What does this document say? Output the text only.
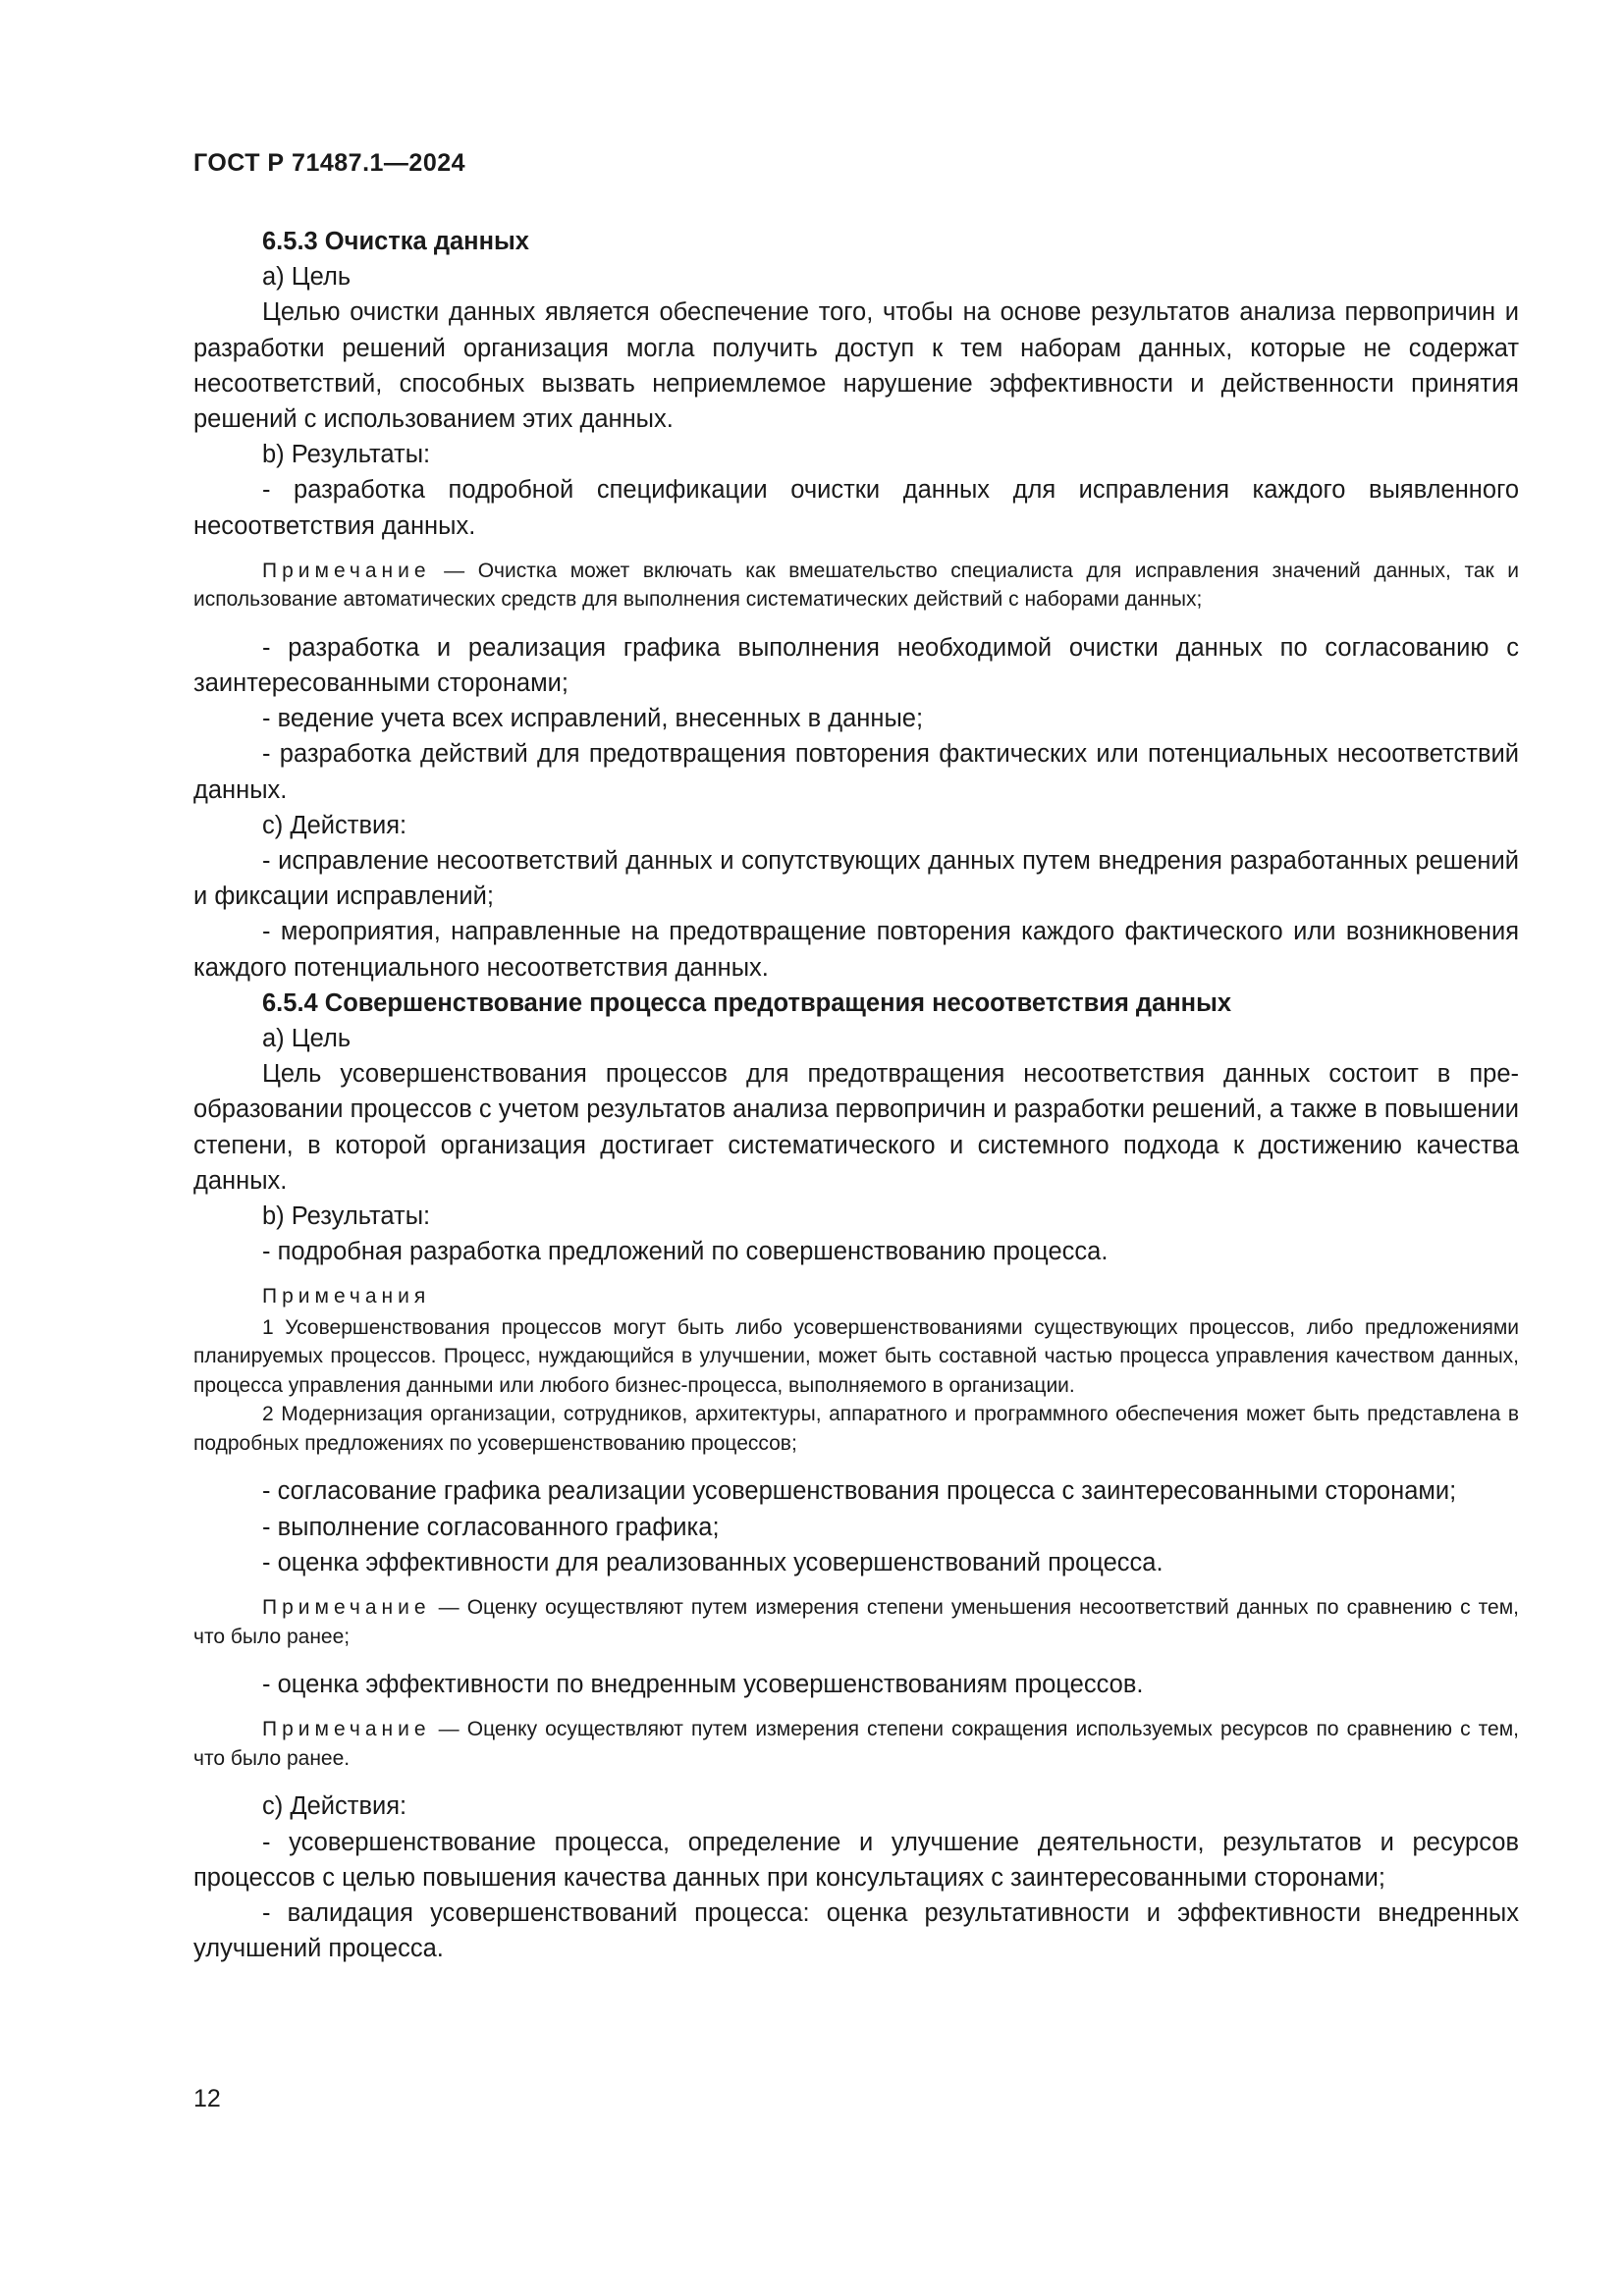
ГОСТ Р 71487.1—2024

6.5.3 Очистка данных

a) Цель

Целью очистки данных является обеспечение того, чтобы на основе результатов анализа первопричин и разработки решений организация могла получить доступ к тем наборам данных, которые не содержат несоответствий, способных вызвать неприемлемое нарушение эффективности и действенности принятия решений с использованием этих данных.

b) Результаты:

- разработка подробной спецификации очистки данных для исправления каждого выявленного несоответствия данных.

Примечание — Очистка может включать как вмешательство специалиста для исправления значений данных, так и использование автоматических средств для выполнения систематических действий с наборами данных;

- разработка и реализация графика выполнения необходимой очистки данных по согласованию с заинтересованными сторонами;

- ведение учета всех исправлений, внесенных в данные;

- разработка действий для предотвращения повторения фактических или потенциальных несоответствий данных.

c) Действия:

- исправление несоответствий данных и сопутствующих данных путем внедрения разработанных решений и фиксации исправлений;

- мероприятия, направленные на предотвращение повторения каждого фактического или возникновения каждого потенциального несоответствия данных.

6.5.4 Совершенствование процесса предотвращения несоответствия данных

a) Цель

Цель усовершенствования процессов для предотвращения несоответствия данных состоит в преобразовании процессов с учетом результатов анализа первопричин и разработки решений, а также в повышении степени, в которой организация достигает систематического и системного подхода к достижению качества данных.

b) Результаты:

- подробная разработка предложений по совершенствованию процесса.

Примечания

1 Усовершенствования процессов могут быть либо усовершенствованиями существующих процессов, либо предложениями планируемых процессов. Процесс, нуждающийся в улучшении, может быть составной частью процесса управления качеством данных, процесса управления данными или любого бизнес-процесса, выполняемого в организации.

2 Модернизация организации, сотрудников, архитектуры, аппаратного и программного обеспечения может быть представлена в подробных предложениях по усовершенствованию процессов;

- согласование графика реализации усовершенствования процесса с заинтересованными сторонами;

- выполнение согласованного графика;

- оценка эффективности для реализованных усовершенствований процесса.

Примечание — Оценку осуществляют путем измерения степени уменьшения несоответствий данных по сравнению с тем, что было ранее;

- оценка эффективности по внедренным усовершенствованиям процессов.

Примечание — Оценку осуществляют путем измерения степени сокращения используемых ресурсов по сравнению с тем, что было ранее.

c) Действия:

- усовершенствование процесса, определение и улучшение деятельности, результатов и ресурсов процессов с целью повышения качества данных при консультациях с заинтересованными сторонами;

- валидация усовершенствований процесса: оценка результативности и эффективности внедренных улучшений процесса.

12
